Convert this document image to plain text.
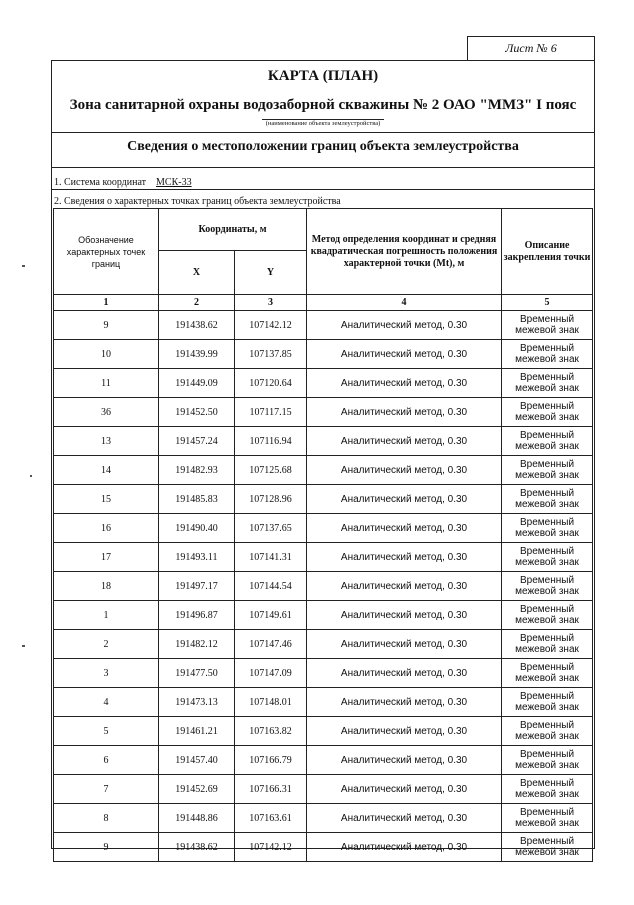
Лист № 6
КАРТА (ПЛАН)
Зона санитарной охраны водозаборной скважины № 2 ОАО "ММЗ" I пояс
(наименование объекта землеустройства)
Сведения о местоположении границ объекта землеустройства
1. Система координат МСК-33
2. Сведения о характерных точках границ объекта землеустройства
Обозначение характерных точек границ	Координаты, м		Метод определения координат и средняя квадратическая погрешность положения характерной точки (Mt), м	Описание закрепления точки
	X	Y		
1	2	3	4	5
9	191438.62	107142.12	Аналитический метод, 0.30	Временный межевой знак
10	191439.99	107137.85	Аналитический метод, 0.30	Временный межевой знак
11	191449.09	107120.64	Аналитический метод, 0.30	Временный межевой знак
36	191452.50	107117.15	Аналитический метод, 0.30	Временный межевой знак
13	191457.24	107116.94	Аналитический метод, 0.30	Временный межевой знак
14	191482.93	107125.68	Аналитический метод, 0.30	Временный межевой знак
15	191485.83	107128.96	Аналитический метод, 0.30	Временный межевой знак
16	191490.40	107137.65	Аналитический метод, 0.30	Временный межевой знак
17	191493.11	107141.31	Аналитический метод, 0.30	Временный межевой знак
18	191497.17	107144.54	Аналитический метод, 0.30	Временный межевой знак
1	191496.87	107149.61	Аналитический метод, 0.30	Временный межевой знак
2	191482.12	107147.46	Аналитический метод, 0.30	Временный межевой знак
3	191477.50	107147.09	Аналитический метод, 0.30	Временный межевой знак
4	191473.13	107148.01	Аналитический метод, 0.30	Временный межевой знак
5	191461.21	107163.82	Аналитический метод, 0.30	Временный межевой знак
6	191457.40	107166.79	Аналитический метод, 0.30	Временный межевой знак
7	191452.69	107166.31	Аналитический метод, 0.30	Временный межевой знак
8	191448.86	107163.61	Аналитический метод, 0.30	Временный межевой знак
9	191438.62	107142.12	Аналитический метод, 0.30	Временный межевой знак
